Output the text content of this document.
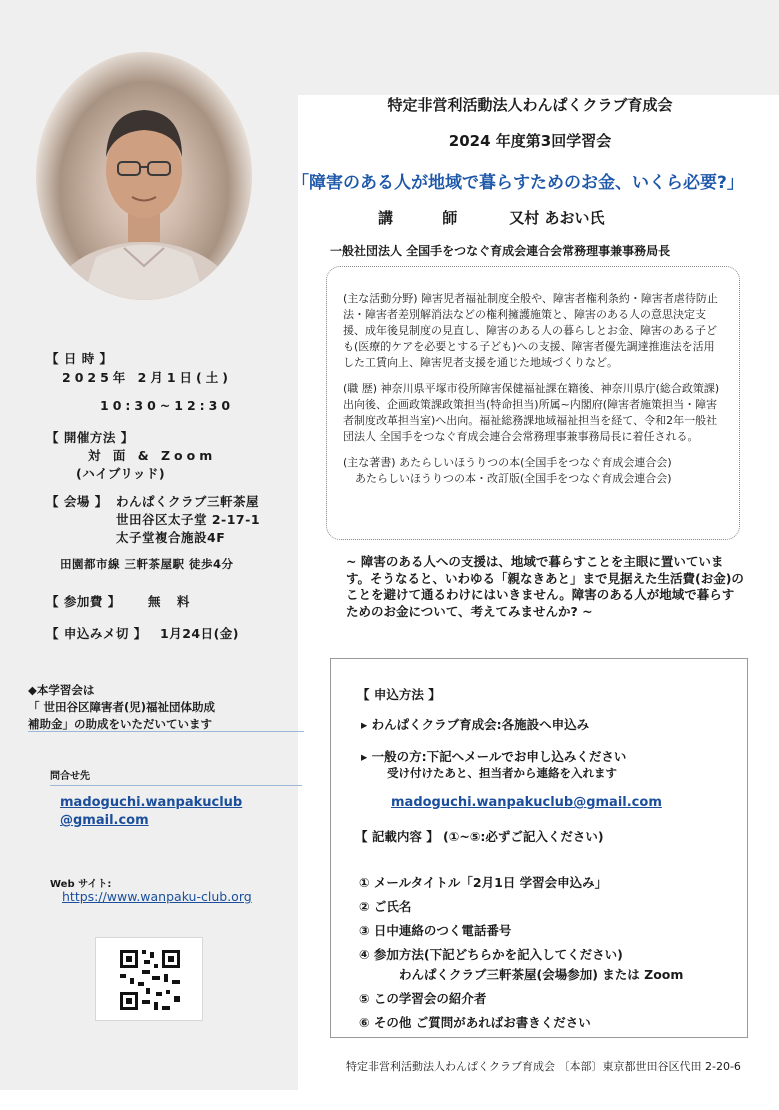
特定非営利活動法人わんぱくクラブ育成会
2024 年度第3回学習会
「障害のある人が地域で暮らすためのお金、いくら必要?」
講 師 又村 あおい氏
一般社団法人 全国手をつなぐ育成会連合会常務理事兼事務局長

(主な活動分野) 障害児者福祉制度全般や、障害者権利条約・障害者虐待防止法・障害者差別解消法などの権利擁護施策と、障害のある人の意思決定支援、成年後見制度の見直し、障害のある人の暮らしとお金、障害のある子ども(医療的ケアを必要とする子ども)への支援、障害者優先調達推進法を活用した工賃向上、障害児者支援を通じた地域づくりなど。

(職 歴) 神奈川県平塚市役所障害保健福祉課在籍後、神奈川県庁(総合政策課)出向後、企画政策課政策担当(特命担当)所属~内閣府(障害者施策担当・障害者制度改革担当室)へ出向。福祉総務課地域福祉担当を経て、令和2年一般社団法人 全国手をつなぐ育成会連合会常務理事兼事務局長に着任される。

(主な著書) あたらしいほうりつの本(全国手をつなぐ育成会連合会)
あたらしいほうりつの本・改訂版(全国手をつなぐ育成会連合会)
~ 障害のある人への支援は、地域で暮らすことを主眼に置いています。そうなると、いわゆる「親なきあと」まで見据えた生活費(お金)のことを避けて通るわけにはいきません。障害のある人が地域で暮らすためのお金について、考えてみませんか? ~
【 日 時 】
2025年 2月1日(土)
10:30~12:30
【 開催方法 】
対 面 & Zoom
(ハイブリッド)
【 会場 】 わんぱくクラブ三軒茶屋
世田谷区太子堂 2-17-1
太子堂複合施設4F
田園都市線 三軒茶屋駅 徒歩4分
【 参加費 】 無 料
【 申込みメ切 】 1月24日(金)
◆本学習会は
「 世田谷区障害者(児)福祉団体助成
補助金」の助成をいただいています
問合せ先
madoguchi.wanpakuclub
@gmail.com
Web サイト:
https://www.wanpaku-club.org
【 申込方法 】
▸ わんぱくクラブ育成会:各施設へ申込み
▸ 一般の方:下記へメールでお申し込みください
受け付けたあと、担当者から連絡を入れます
madoguchi.wanpakuclub@gmail.com
【 記載内容 】 (①~⑤:必ずご記入ください)
① メールタイトル「2月1日 学習会申込み」
② ご氏名
③ 日中連絡のつく電話番号
④ 参加方法(下記どちらかを記入してください)
わんぱくクラブ三軒茶屋(会場参加) または Zoom
⑤ この学習会の紹介者
⑥ その他 ご質問があればお書きください
特定非営利活動法人わんぱくクラブ育成会 〔本部〕東京都世田谷区代田 2-20-6
